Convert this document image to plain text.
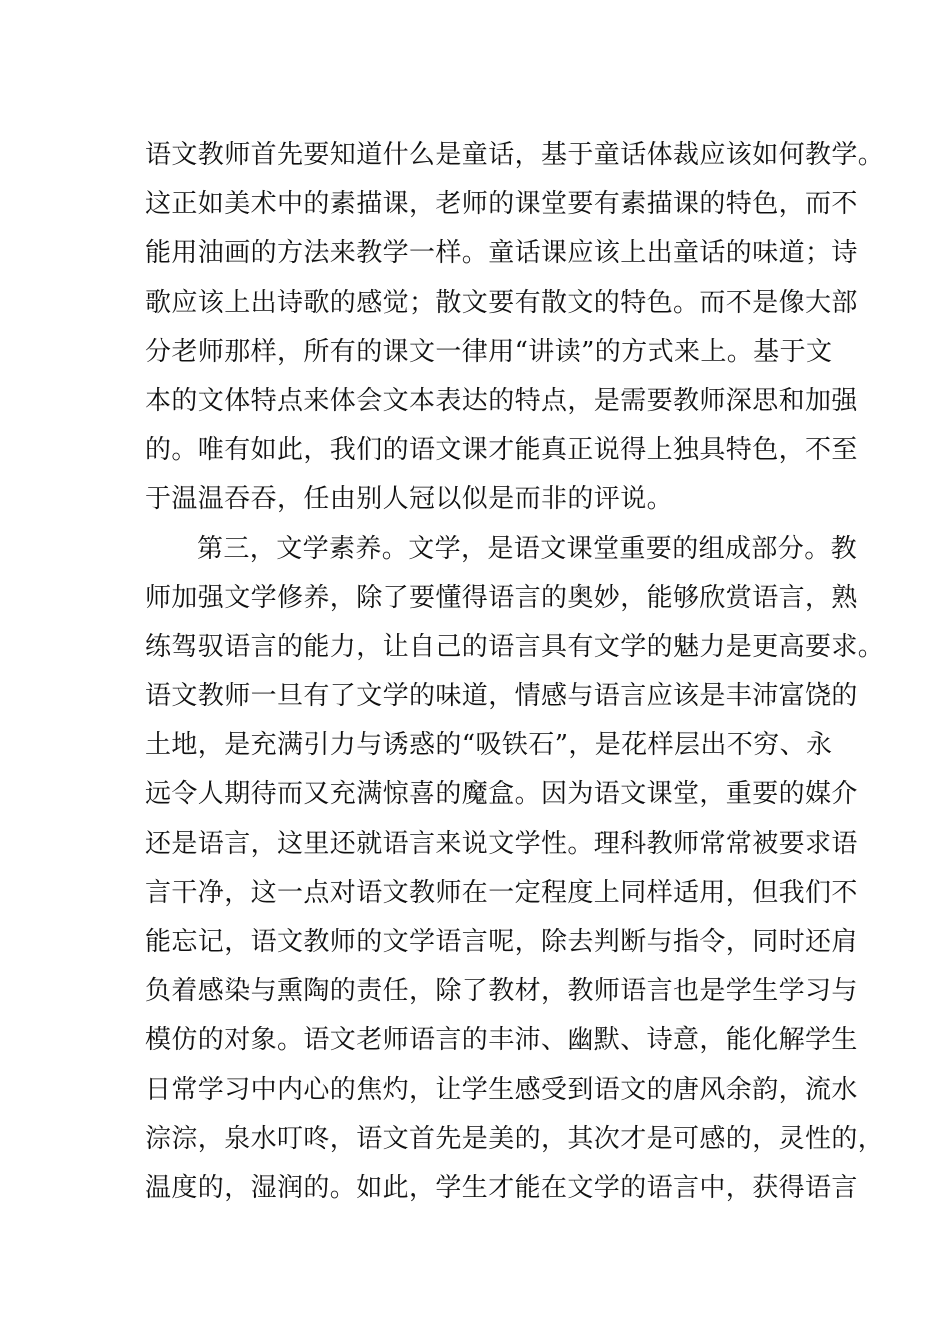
语文教师首先要知道什么是童话，基于童话体裁应该如何教学。
这正如美术中的素描课，老师的课堂要有素描课的特色，而不
能用油画的方法来教学一样。童话课应该上出童话的味道；诗
歌应该上出诗歌的感觉；散文要有散文的特色。而不是像大部
分老师那样，所有的课文一律用“讲读”的方式来上。基于文
本的文体特点来体会文本表达的特点，是需要教师深思和加强
的。唯有如此，我们的语文课才能真正说得上独具特色，不至
于温温吞吞，任由别人冠以似是而非的评说。
第三，文学素养。文学，是语文课堂重要的组成部分。教
师加强文学修养，除了要懂得语言的奥妙，能够欣赏语言，熟
练驾驭语言的能力，让自己的语言具有文学的魅力是更高要求。
语文教师一旦有了文学的味道，情感与语言应该是丰沛富饶的
土地，是充满引力与诱惑的“吸铁石”，是花样层出不穷、永
远令人期待而又充满惊喜的魔盒。因为语文课堂，重要的媒介
还是语言，这里还就语言来说文学性。理科教师常常被要求语
言干净，这一点对语文教师在一定程度上同样适用，但我们不
能忘记，语文教师的文学语言呢，除去判断与指令，同时还肩
负着感染与熏陶的责任，除了教材，教师语言也是学生学习与
模仿的对象。语文老师语言的丰沛、幽默、诗意，能化解学生
日常学习中内心的焦灼，让学生感受到语文的唐风余韵，流水
淙淙，泉水叮咚，语文首先是美的，其次才是可感的，灵性的，
温度的，湿润的。如此，学生才能在文学的语言中，获得语言
